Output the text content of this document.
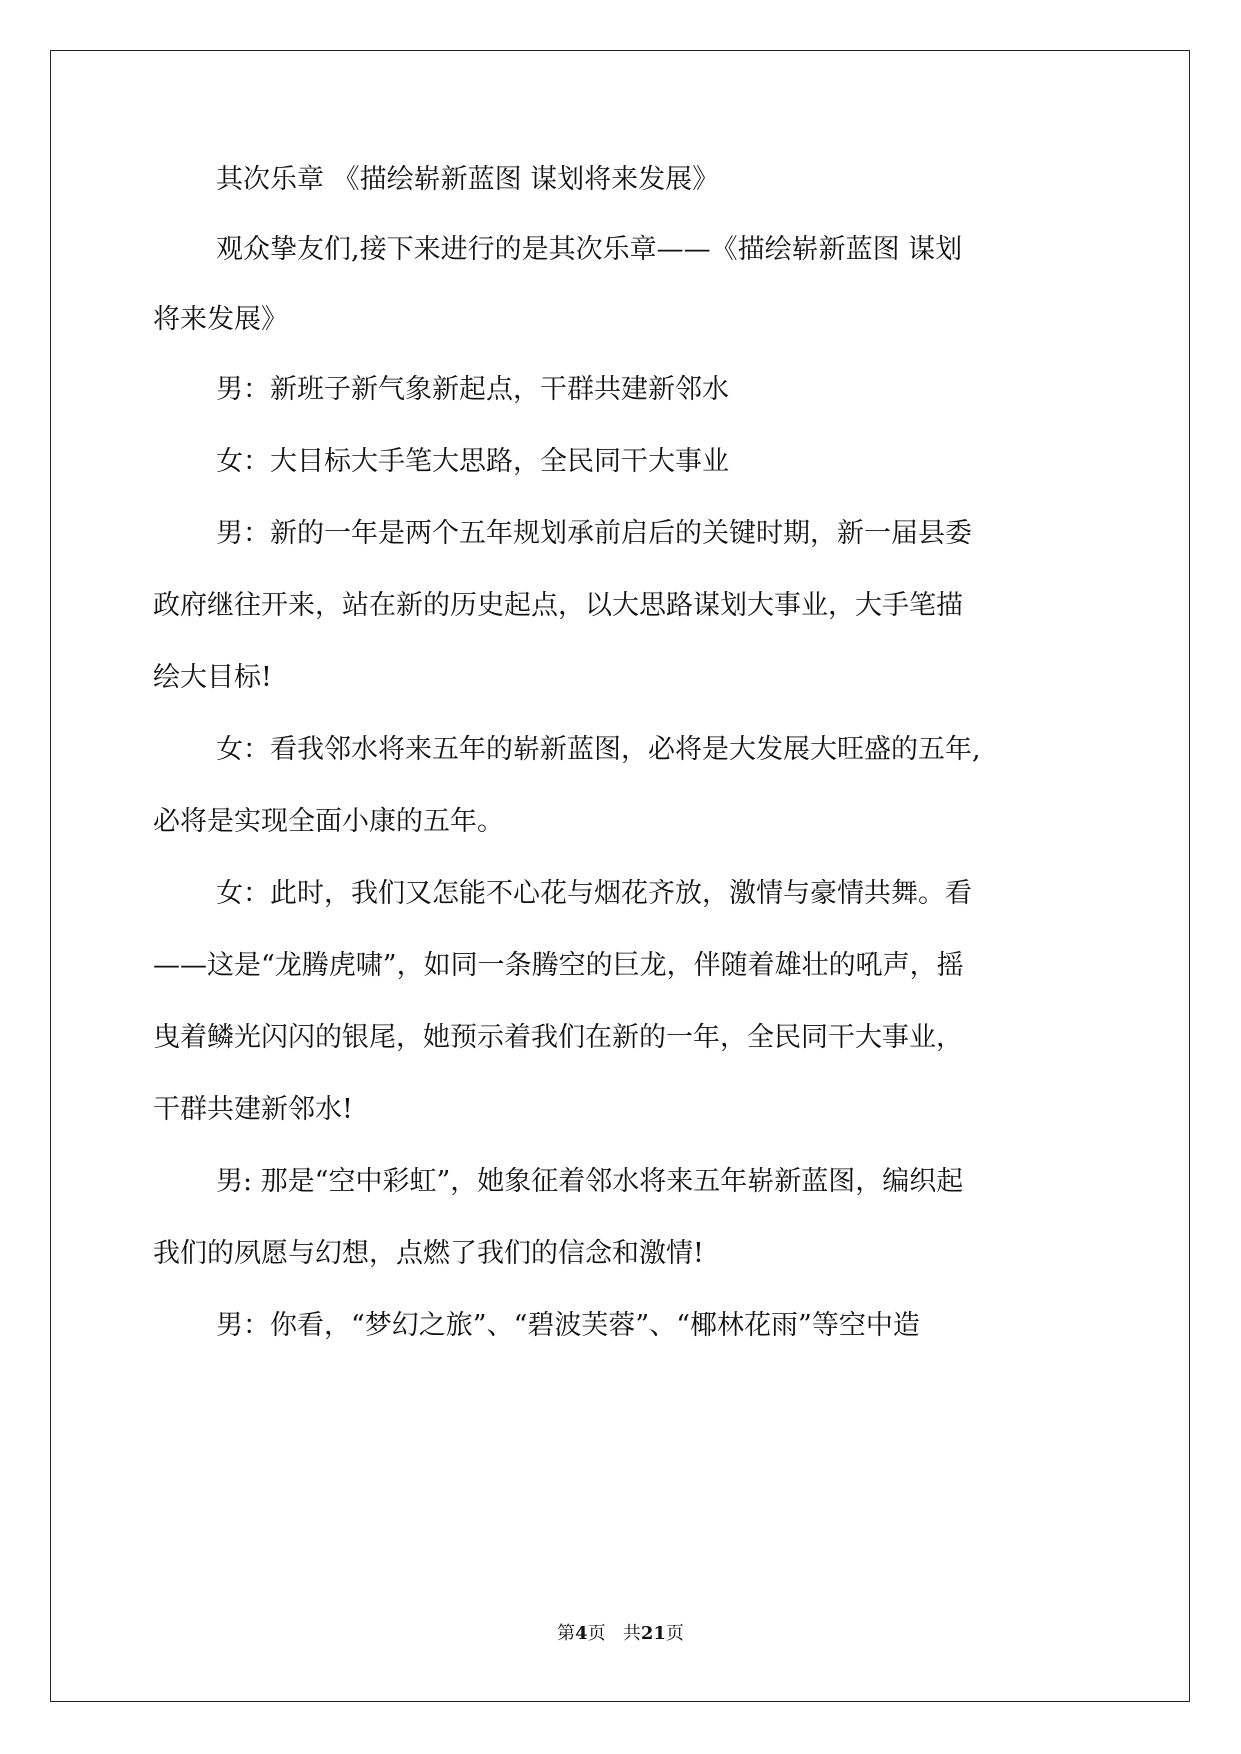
其次乐章 《描绘崭新蓝图 谋划将来发展》
观众挚友们,接下来进行的是其次乐章——《描绘崭新蓝图 谋划
将来发展》
男：新班子新气象新起点，干群共建新邻水
女：大目标大手笔大思路，全民同干大事业
男：新的一年是两个五年规划承前启后的关键时期，新一届县委
政府继往开来，站在新的历史起点，以大思路谋划大事业，大手笔描
绘大目标!
女：看我邻水将来五年的崭新蓝图，必将是大发展大旺盛的五年,
必将是实现全面小康的五年。
女：此时，我们又怎能不心花与烟花齐放，激情与豪情共舞。看
——这是“龙腾虎啸”，如同一条腾空的巨龙，伴随着雄壮的吼声，摇
曳着鳞光闪闪的银尾，她预示着我们在新的一年，全民同干大事业，
干群共建新邻水!
男: 那是“空中彩虹”，她象征着邻水将来五年崭新蓝图，编织起
我们的夙愿与幻想，点燃了我们的信念和激情!
男：你看，“梦幻之旅”、“碧波芙蓉”、“椰林花雨”等空中造
第4页 共21页
